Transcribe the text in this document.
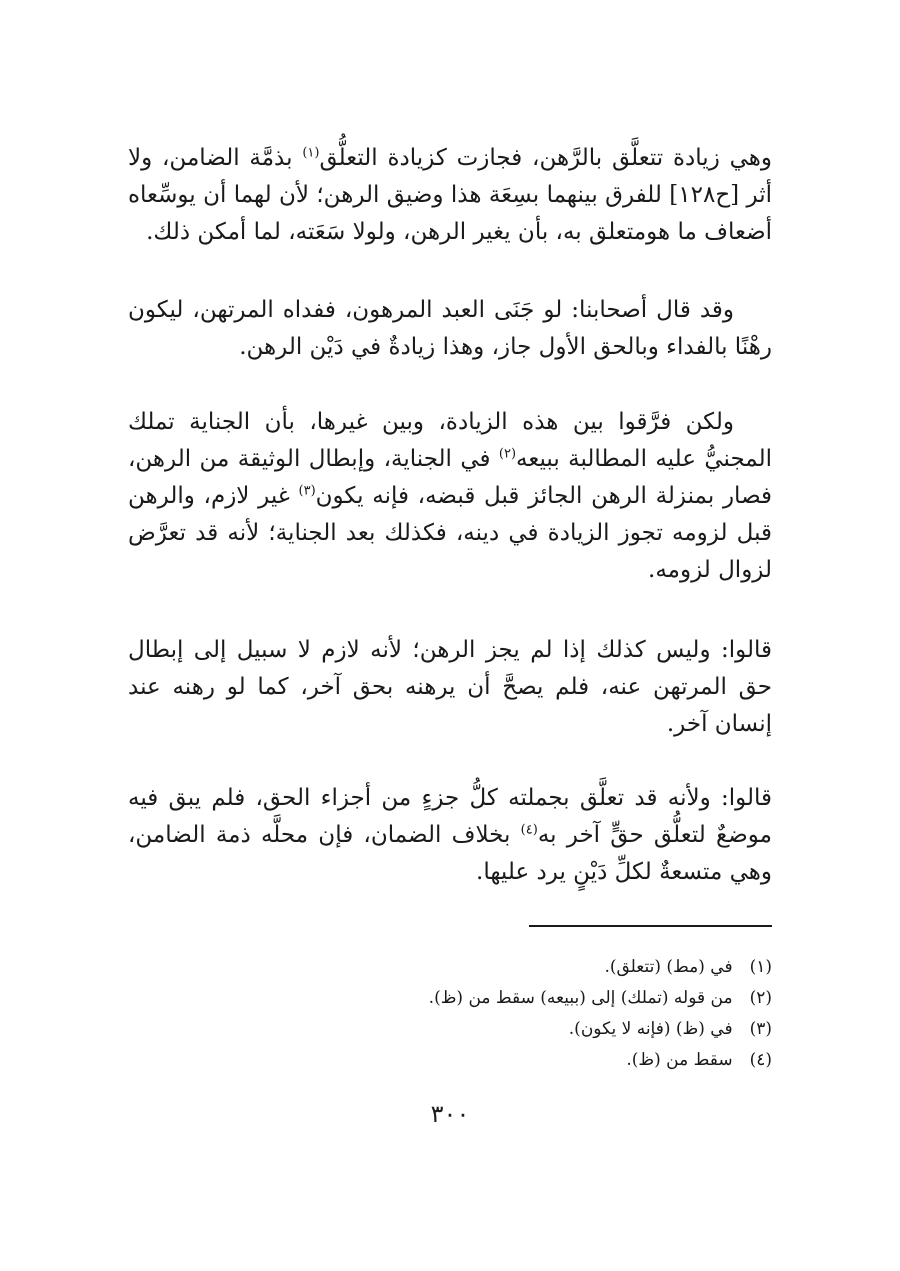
وهي زيادة تتعلَّق بالرَّهن، فجازت كزيادة التعلُّق$^{(١)}$ بذمَّة الضامن، ولا أثر [ح١٢٨] للفرق بينهما بسِعَة هذا وضيق الرهن؛ لأن لهما أن يوسِّعاه أضعاف ما هومتعلق به، بأن يغير الرهن، ولولا سَعَته، لما أمكن ذلك.

وقد قال أصحابنا: لو جَنَى العبد المرهون، ففداه المرتهن، ليكون رهْنًا بالفداء وبالحق الأول جاز، وهذا زيادةٌ في دَيْن الرهن.

ولكن فرَّقوا بين هذه الزيادة، وبين غيرها، بأن الجناية تملك المجنيُّ عليه المطالبة ببيعه$^{(٢)}$ في الجناية، وإبطال الوثيقة من الرهن، فصار بمنزلة الرهن الجائز قبل قبضه، فإنه يكون$^{(٣)}$ غير لازم، والرهن قبل لزومه تجوز الزيادة في دينه، فكذلك بعد الجناية؛ لأنه قد تعرَّض لزوال لزومه.

قالوا: وليس كذلك إذا لم يجز الرهن؛ لأنه لازم لا سبيل إلى إبطال حق المرتهن عنه، فلم يصحَّ أن يرهنه بحق آخر، كما لو رهنه عند إنسان آخر.

قالوا: ولأنه قد تعلَّق بجملته كلُّ جزءٍ من أجزاء الحق، فلم يبق فيه موضعٌ لتعلُّق حقٍّ آخر به$^{(٤)}$ بخلاف الضمان، فإن محلَّه ذمة الضامن، وهي متسعةٌ لكلِّ دَيْنٍ يرد عليها.

(١) في (مط) (تتعلق).
(٢) من قوله (تملك) إلى (ببيعه) سقط من (ظ).
(٣) في (ظ) (فإنه لا يكون).
(٤) سقط من (ظ).
٣٠٠
